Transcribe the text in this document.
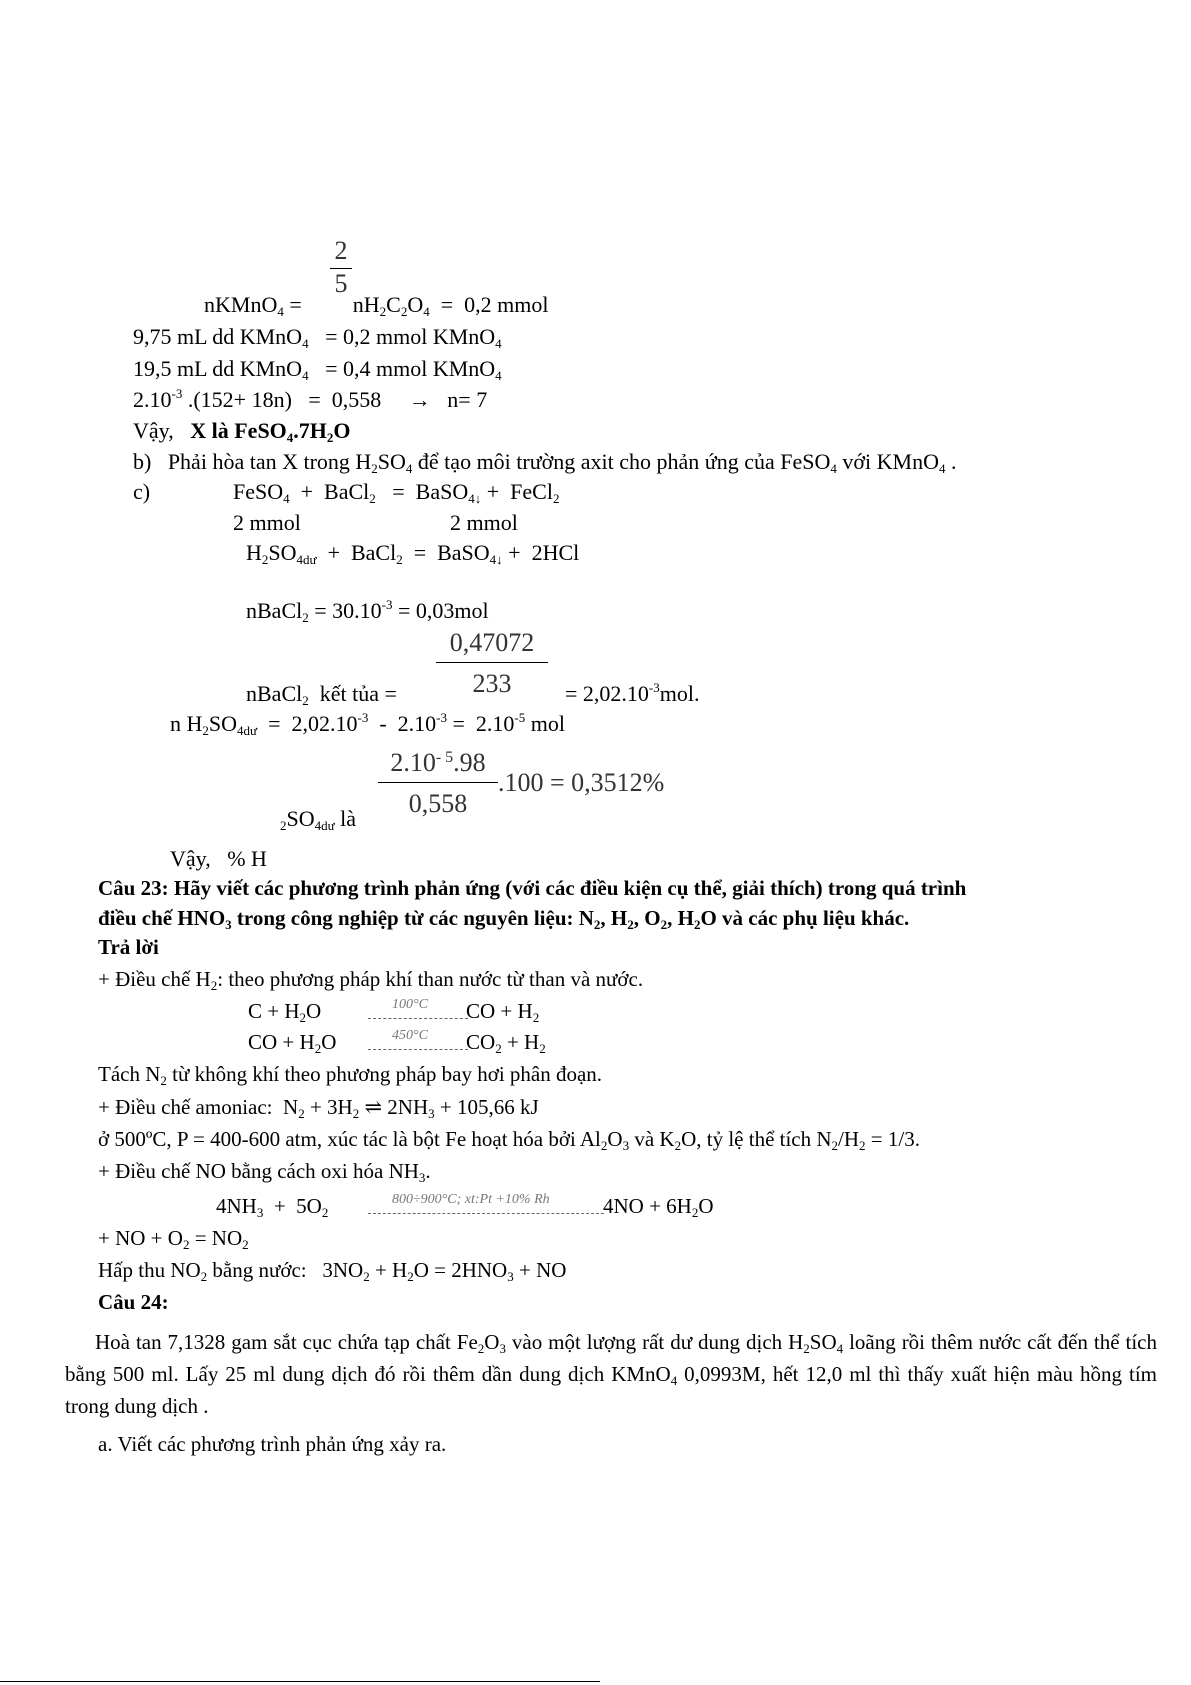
2
5
nKMnO$_4$ =  $nH_2C_2O_4 = 0,2$ mmol
9,75 mL dd KMnO$_4$   = 0,2 mmol KMnO$_4$
19,5 mL dd KMnO$_4$   = 0,4 mmol KMnO$_4$
$2.10^{-3}$ .(152+ 18n)   =  0,558     →   n= 7
Vậy,   X là $FeSO_4.7H_2O$
b)   Phải hòa tan X trong $H_2SO_4$ để tạo môi trường axit cho phản ứng của FeSO$_4$ với KMnO$_4$ .
c)	FeSO$_4$  +  BaCl$_2$   =  BaSO$_{4↓}$ +  FeCl$_2$
2 mmol	2 mmol
$H_2SO_{4dư}$  +  BaCl$_2$  =  BaSO$_{4↓}$ +  2HCl
nBaCl$_2$ = $30.10^{-3} = 0,03mol$
0,47072
233
nBaCl$_2$  kết tủa =	= $2,02.10^{-3}mol$.
n $H_2SO_{4dư} = 2,02.10^{-3} - 2.10^{-3} = 2.10^{-5}$ mol
$2.10^{- 5}.98$
0,558
.100 = 0,3512%
$_2SO_{4dư}$ là
Vậy,   % H
Câu 23: Hãy viết các phương trình phản ứng (với các điều kiện cụ thể, giải thích) trong quá trình
điều chế $HNO_3$ trong công nghiệp từ các nguyên liệu: $N_2$, $H_2$, $O_2$, $H_2O$ và các phụ liệu khác.
Trả lời
+ Điều chế $H_2$: theo phương pháp khí than nước từ than và nước.
$C + H_2O$	100°C CO + $H_2$
CO + $H_2O$	450°C $CO_2 + H_2$
Tách $N_2$ từ không khí theo phương pháp bay hơi phân đoạn.
+ Điều chế amoniac:  $N_2 + 3H_2$ ⇌ $2NH_3 + 105,66$ kJ
ở 500ºC, P = 400-600 atm, xúc tác là bột Fe hoạt hóa bởi $Al_2O_3$ và $K_2O$, tỷ lệ thể tích $N_2/H_2 = 1/3$.
+ Điều chế NO bằng cách oxi hóa $NH_3$.
$4NH_3 + 5O_2$
800÷900°C; xt:Pt +10% Rh	$4NO + 6H_2O$
+ NO + $O_2 = NO_2$
Hấp thu $NO_2$ bằng nước:   $3NO_2 + H_2O = 2HNO_3$ + NO
Câu 24:
Hoà tan 7,1328 gam sắt cục chứa tạp chất $Fe_2O_3$ vào một lượng rất dư dung dịch $H_2SO_4$ loãng rồi thêm nước cất đến thể tích bằng 500 ml. Lấy 25 ml dung dịch đó rồi thêm dần dung dịch KMnO$_4$ 0,0993M, hết 12,0 ml thì thấy xuất hiện màu hồng tím trong dung dịch .
a. Viết các phương trình phản ứng xảy ra.
